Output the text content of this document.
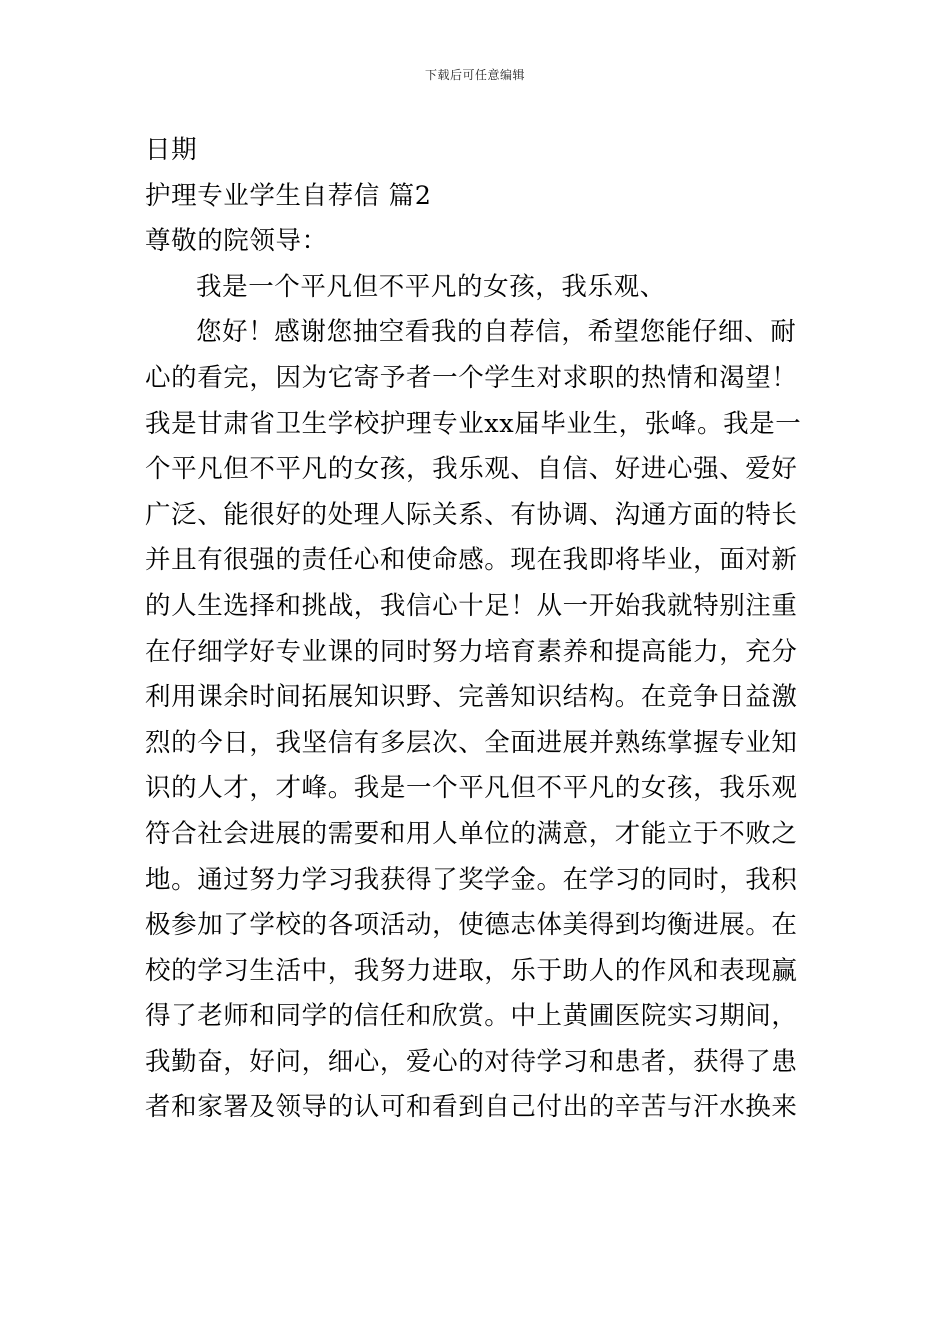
下载后可任意编辑
日期
护理专业学生自荐信 篇2
尊敬的院领导：
我是一个平凡但不平凡的女孩，我乐观、
您好！感谢您抽空看我的自荐信，希望您能仔细、耐
心的看完，因为它寄予者一个学生对求职的热情和渴望！
我是甘肃省卫生学校护理专业xx届毕业生，张峰。我是一
个平凡但不平凡的女孩，我乐观、自信、好进心强、爱好
广泛、能很好的处理人际关系、有协调、沟通方面的特长
并且有很强的责任心和使命感。现在我即将毕业，面对新
的人生选择和挑战，我信心十足！从一开始我就特别注重
在仔细学好专业课的同时努力培育素养和提高能力，充分
利用课余时间拓展知识野、完善知识结构。在竞争日益激
烈的今日，我坚信有多层次、全面进展并熟练掌握专业知
识的人才，才峰。我是一个平凡但不平凡的女孩，我乐观
符合社会进展的需要和用人单位的满意，才能立于不败之
地。通过努力学习我获得了奖学金。在学习的同时，我积
极参加了学校的各项活动，使德志体美得到均衡进展。在
校的学习生活中，我努力进取，乐于助人的作风和表现赢
得了老师和同学的信任和欣赏。中上黄圃医院实习期间，
我勤奋，好问，细心，爱心的对待学习和患者，获得了患
者和家署及领导的认可和看到自己付出的辛苦与汗水换来
